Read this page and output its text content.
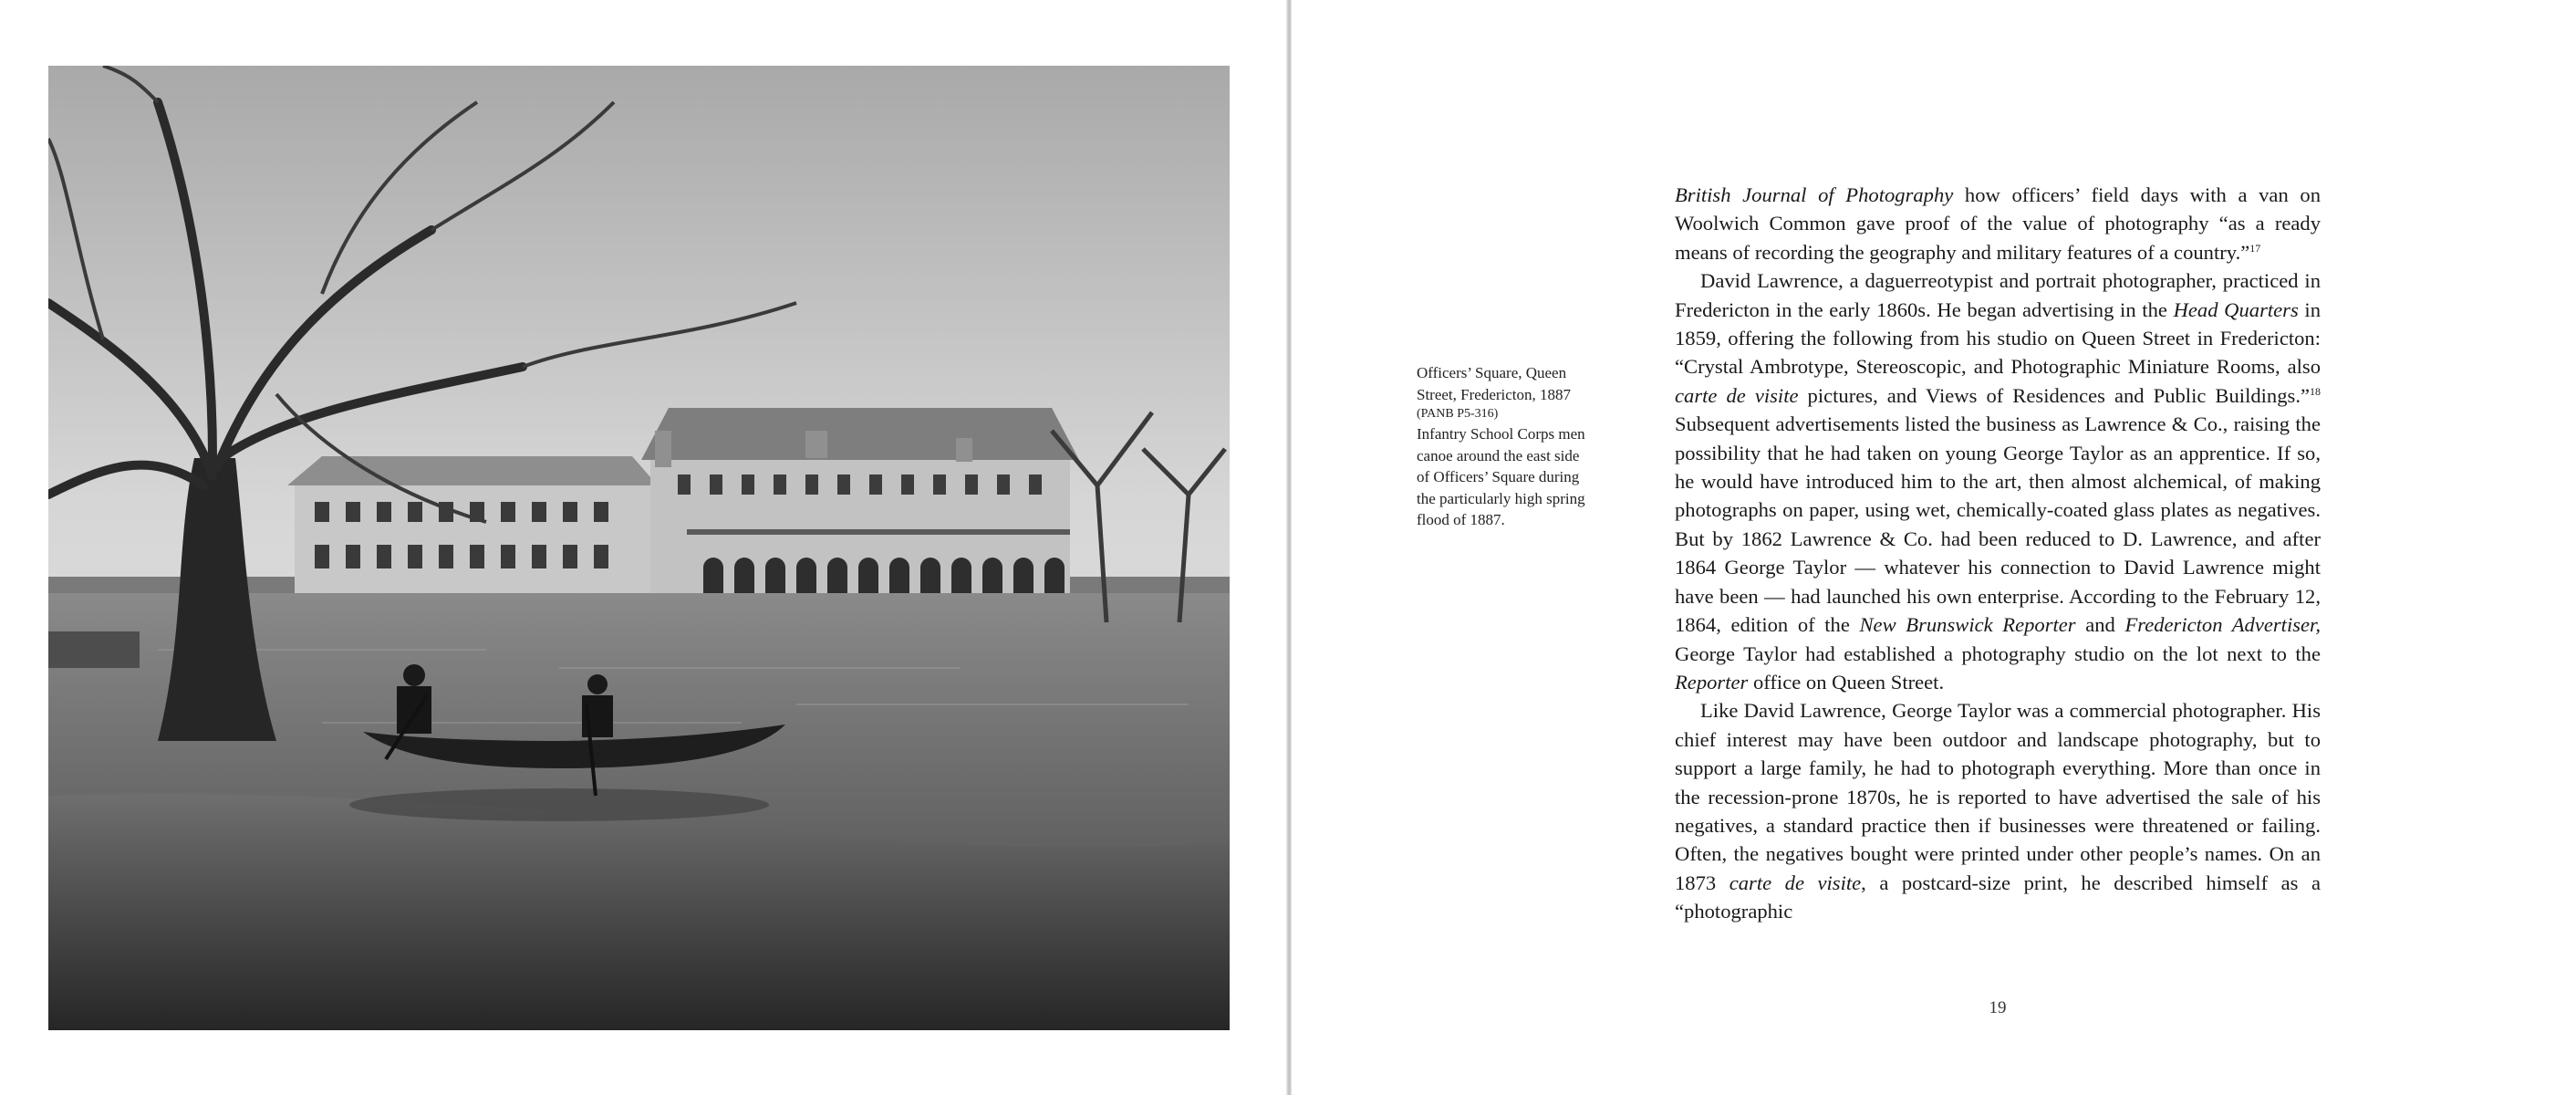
Officers’ Square, Queen
Street, Fredericton, 1887
(PANB P5-316)
Infantry School Corps men
canoe around the east side
of Officers’ Square during
the particularly high spring
flood of 1887.

British Journal of Photography how officers’ field days with a van on Woolwich Common gave proof of the value of photography “as a ready means of recording the geography and military features of a country.”$^{17}$

David Lawrence, a daguerreotypist and portrait photographer, practiced in Fredericton in the early 1860s. He began advertising in the Head Quarters in 1859, offering the following from his studio on Queen Street in Fredericton: “Crystal Ambrotype, Stereoscopic, and Photographic Miniature Rooms, also carte de visite pictures, and Views of Residences and Public Buildings.”$^{18}$ Subsequent advertisements listed the business as Lawrence & Co., raising the possibility that he had taken on young George Taylor as an apprentice. If so, he would have introduced him to the art, then almost alchemical, of making photographs on paper, using wet, chemically-coated glass plates as negatives. But by 1862 Lawrence & Co. had been reduced to D. Lawrence, and after 1864 George Taylor — whatever his connection to David Lawrence might have been — had launched his own enterprise. According to the February 12, 1864, edition of the New Brunswick Reporter and Fredericton Advertiser, George Taylor had established a photography studio on the lot next to the Reporter office on Queen Street.

Like David Lawrence, George Taylor was a commercial photographer. His chief interest may have been outdoor and landscape photography, but to support a large family, he had to photograph everything. More than once in the recession-prone 1870s, he is reported to have advertised the sale of his negatives, a standard practice then if businesses were threatened or failing. Often, the negatives bought were printed under other people’s names. On an 1873 carte de visite, a postcard-size print, he described himself as a “photographic

19
